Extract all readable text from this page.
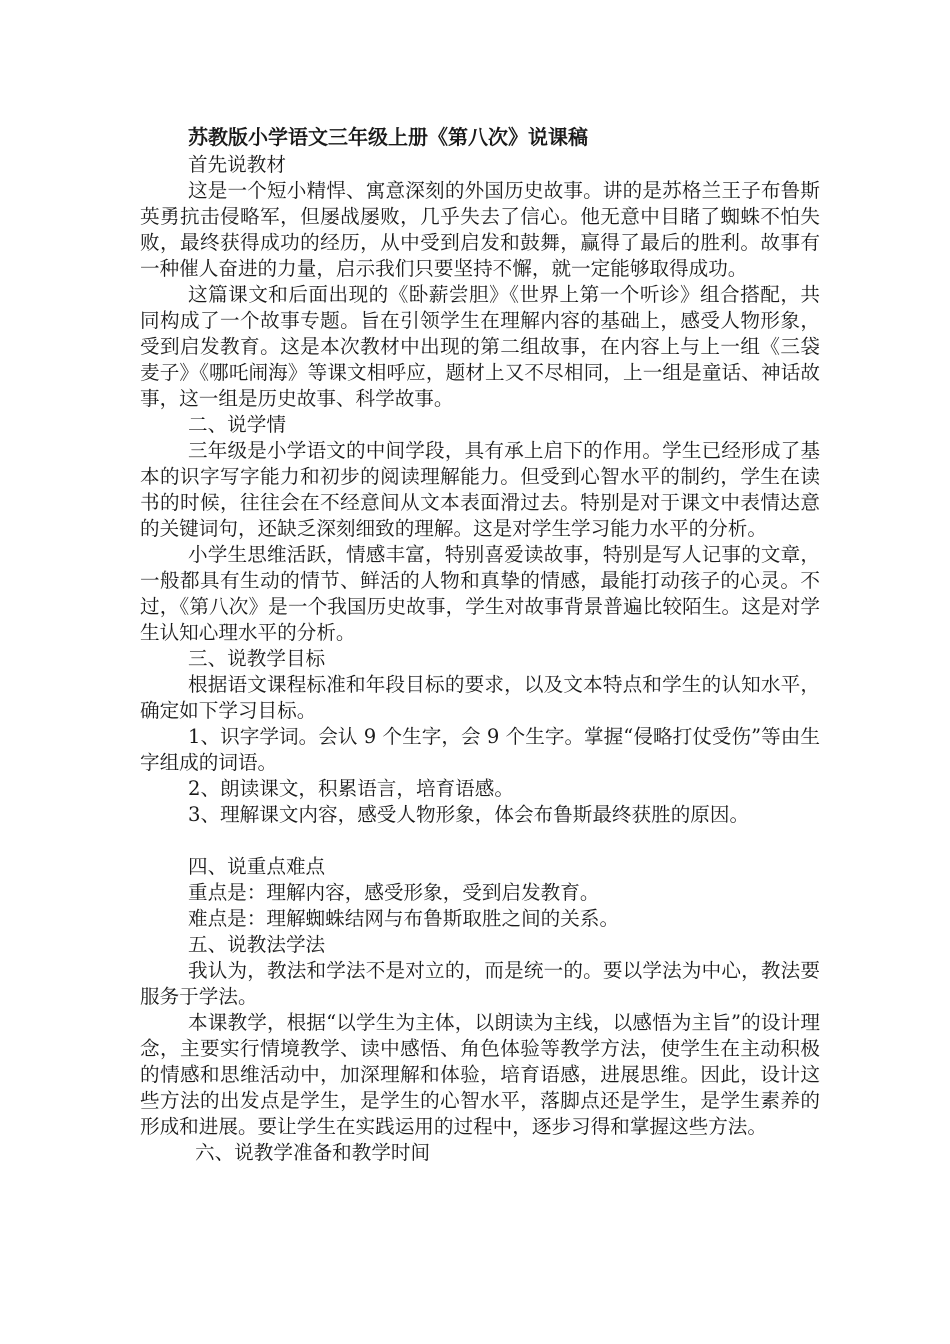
苏教版小学语文三年级上册《第八次》说课稿

首先说教材

这是一个短小精悍、寓意深刻的外国历史故事。讲的是苏格兰王子布鲁斯英勇抗击侵略军，但屡战屡败，几乎失去了信心。他无意中目睹了蜘蛛不怕失败，最终获得成功的经历，从中受到启发和鼓舞，赢得了最后的胜利。故事有一种催人奋进的力量，启示我们只要坚持不懈，就一定能够取得成功。

这篇课文和后面出现的《卧薪尝胆》《世界上第一个听诊》组合搭配，共同构成了一个故事专题。旨在引领学生在理解内容的基础上，感受人物形象，受到启发教育。这是本次教材中出现的第二组故事，在内容上与上一组《三袋麦子》《哪吒闹海》等课文相呼应，题材上又不尽相同，上一组是童话、神话故事，这一组是历史故事、科学故事。

二、说学情

三年级是小学语文的中间学段，具有承上启下的作用。学生已经形成了基本的识字写字能力和初步的阅读理解能力。但受到心智水平的制约，学生在读书的时候，往往会在不经意间从文本表面滑过去。特别是对于课文中表情达意的关键词句，还缺乏深刻细致的理解。这是对学生学习能力水平的分析。

小学生思维活跃，情感丰富，特别喜爱读故事，特别是写人记事的文章，一般都具有生动的情节、鲜活的人物和真挚的情感，最能打动孩子的心灵。不过，《第八次》是一个我国历史故事，学生对故事背景普遍比较陌生。这是对学生认知心理水平的分析。

三、说教学目标

根据语文课程标准和年段目标的要求，以及文本特点和学生的认知水平，确定如下学习目标。

1、识字学词。会认 9 个生字，会 9 个生字。掌握“侵略打仗受伤”等由生字组成的词语。

2、朗读课文，积累语言，培育语感。

3、理解课文内容，感受人物形象，体会布鲁斯最终获胜的原因。

四、说重点难点

重点是：理解内容，感受形象，受到启发教育。

难点是：理解蜘蛛结网与布鲁斯取胜之间的关系。

五、说教法学法

我认为，教法和学法不是对立的，而是统一的。要以学法为中心，教法要服务于学法。

本课教学，根据“以学生为主体，以朗读为主线，以感悟为主旨”的设计理念，主要实行情境教学、读中感悟、角色体验等教学方法，使学生在主动积极的情感和思维活动中，加深理解和体验，培育语感，进展思维。因此，设计这些方法的出发点是学生，是学生的心智水平，落脚点还是学生，是学生素养的形成和进展。要让学生在实践运用的过程中，逐步习得和掌握这些方法。

六、说教学准备和教学时间
